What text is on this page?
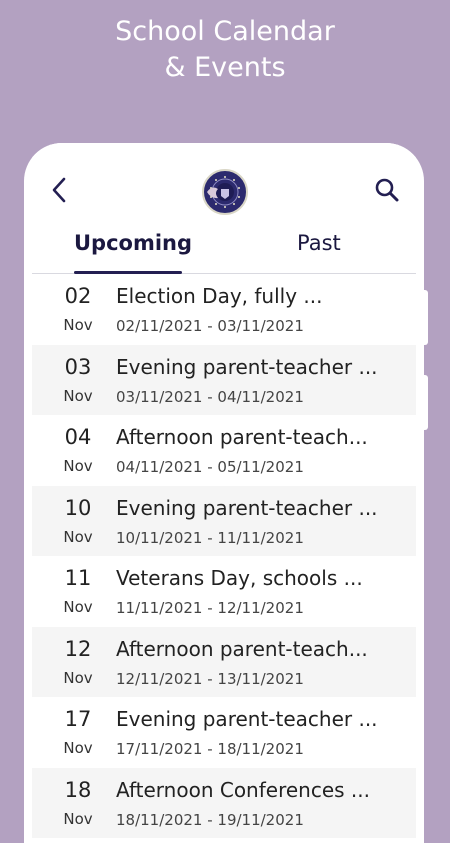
School Calendar
& Events
Upcoming	Past
02
Nov
Election Day, fully ...
02/11/2021 - 03/11/2021
03
Nov
Evening parent-teacher ...
03/11/2021 - 04/11/2021
04
Nov
Afternoon parent-teach...
04/11/2021 - 05/11/2021
10
Nov
Evening parent-teacher ...
10/11/2021 - 11/11/2021
11
Nov
Veterans Day, schools ...
11/11/2021 - 12/11/2021
12
Nov
Afternoon parent-teach...
12/11/2021 - 13/11/2021
17
Nov
Evening parent-teacher ...
17/11/2021 - 18/11/2021
18
Nov
Afternoon Conferences ...
18/11/2021 - 19/11/2021
